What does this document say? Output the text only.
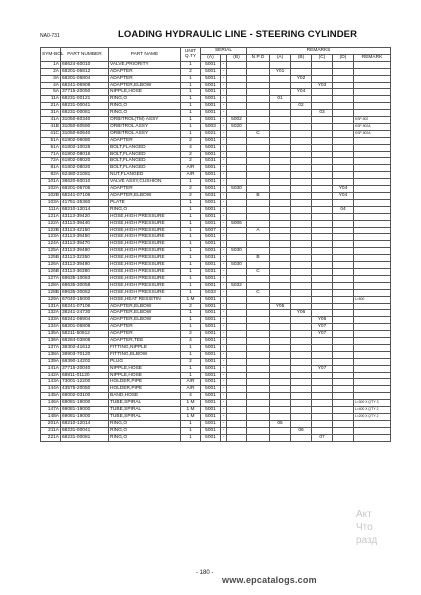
NA0-731	LOADING HYDRAULIC LINE - STEERING CYLINDER
SYM-BOL	PART NUMBER	PART NAME	UNIT Q.TY	SERIAL			REMARKS					
				(A)		(B)	N P D	(A)	(B)	(C)	(D)	REMARK
1A	68624-60010	VALVE,PRIORITY	1	5001	-							
2A	68201-06812	ADAPTER	2	5001	-			Y01				
3A	68201-06804	ADAPTER	1	5001	-				Y02			
4A	68241-06908	ADAPTER,ELBOW	1	5001	-					Y03		
5A	37715-20050	NIPPLE,HOSE	1	5001	-				Y04			
11A	68231-00121	RING,O	1	5001	-			01				
21A	68231-00041	RING,O	1	5001	-				02			
31A	68231-00081	RING,O	1	5001	-					03		
41A	31050-60340	ORBITROL(TM) ASSY	1	5001	-	5002						KSP-902
41B	31050-60590	ORBITROL ASSY	1	5003	-	5020						KSP-902A
41C	31050-60640	ORBITROL ASSY	1	5021	-		C					KSP-902A
51A	61802-06080	ADAPTER	2	5001	-							
61A	61802-10025	BOLT,FLANGED	4	5001	-							
71A	61802-08016	BOLT,FLANGED	2	5001	-							
72A	61802-08020	BOLT,FLANGED	2	5031	-							
81A	61802-08020	BOLT,FLANGED	A/R	5001	-							
82A	62480-21081	NUT,FLANGED	A/R	5001	-							
101A	38620-60010	VALVE ASSY,CUSHION	1	5001	-							
102A	68201-06706	ADAPTER	2	5001	-	5030					Y04	
102B	68241-07106	ADAPTER,ELBOW	2	5031	-		B				Y04	
103A	41751-35360	PLATE	1	5001	-							
111A	68210-12014	RING,O	1	5001	-						04	
121A	43113-39420	HOSE,HIGH PRESSURE	1	5001	-							
122A	43113-39440	HOSE,HIGH PRESSURE	1	5001	-	5006						
122B	43113-42150	HOSE,HIGH PRESSURE	1	5007	-		A					
123A	43113-39450	HOSE,HIGH PRESSURE	1	5001	-							
124A	43113-39470	HOSE,HIGH PRESSURE	1	5001	-							
125A	43113-39480	HOSE,HIGH PRESSURE	1	5001	-	5030						
125B	43113-32350	HOSE,HIGH PRESSURE	1	5031	-		B					
126A	43113-39490	HOSE,HIGH PRESSURE	1	5001	-	5030						
126B	43113-36380	HOSE,HIGH PRESSURE	1	5031	-		C					
127A	69635-10063	HOSE,HIGH PRESSURE	1	5001	-							
128A	69635-30058	HOSE,HIGH PRESSURE	1	5001	-	5032						
128B	69635-30062	HOSE,HIGH PRESSURE	1	5033	-		C					
129A	67040-15000	HOSE,HEAT RESISTIN	1 M	5001	-							L=500
131A	68241-07106	ADAPTER,ELBOW	2	5001	-			Y05				
132A	38241-24730	ADAPTER,ELBOW	1	5001	-				Y06			
133A	68241-06904	ADAPTER,ELBOW	1	5001	-					Y06		
134A	68201-06808	ADAPTER	1	5001	-					Y07		
135A	58211-50912	ADAPTER	2	5001	-					Y07		
136A	68284-03808	ADAPTER,TEE	4	5001	-							
137A	38302-41612	FITTING,NIPPLE	1	5001	-							
138A	38903-70120	FITTING,ELBOW	1	5001	-							
139A	68390-14202	PLUG	2	5001	-							
141A	37715-20040	NIPPLE,HOSE	1	5001	-					Y07		
142A	68811-01120	NIPPLE,HOSE	1	5001	-							
143A	73001-12200	HOLDER,PIPE	A/R	5001	-							
144A	43575-20050	HOLDER,PIPE	A/R	5001	-							
145A	69002-03100	BAND,HOSE	4	5001	-							
146A	69081-19000	TUBE,SPIRAL	1 M	5001	-							L=300 X Q'TY 3
147A	69081-19000	TUBE,SPIRAL	1 M	5001	-							L=400 X Q'TY 2
148A	69081-19000	TUBE,SPIRAL	1 M	5001	-							L=200 X Q'TY 2
201A	68210-12014	RING,O	1	5001	-			05				
211A	68231-00041	RING,O	1	5001	-				06			
221A	68231-00081	RING,O	1	5001	-					07		
- 180 -
www.epcatalogs.com
Акт
Что
разд
